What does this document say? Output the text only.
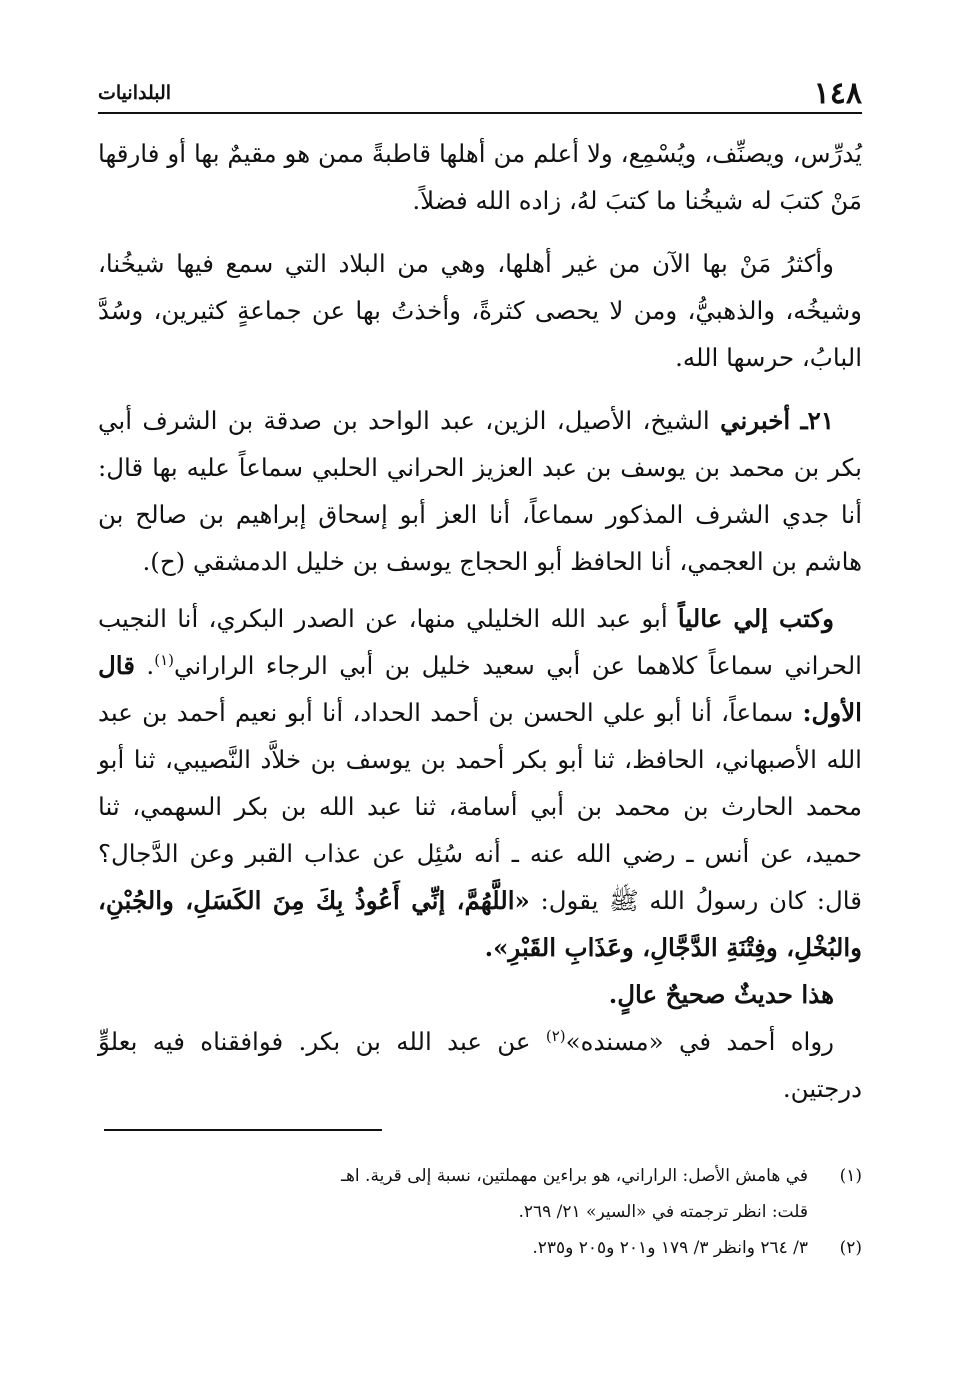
١٤٨
البلدانيات

يُدرِّس، ويصنِّف، ويُسْمِع، ولا أعلم من أهلها قاطبةً ممن هو مقيمٌ بها أو فارقها مَنْ كتبَ له شيخُنا ما كتبَ لهُ، زاده الله فضلاً.

وأكثرُ مَنْ بها الآن من غير أهلها، وهي من البلاد التي سمع فيها شيخُنا، وشيخُه، والذهبيُّ، ومن لا يحصى كثرةً، وأخذتُ بها عن جماعةٍ كثيرين، وسُدَّ البابُ، حرسها الله.

٢١ـ أخبرني الشيخ، الأصيل، الزين، عبد الواحد بن صدقة بن الشرف أبي بكر بن محمد بن يوسف بن عبد العزيز الحراني الحلبي سماعاً عليه بها قال: أنا جدي الشرف المذكور سماعاً، أنا العز أبو إسحاق إبراهيم بن صالح بن هاشم بن العجمي، أنا الحافظ أبو الحجاج يوسف بن خليل الدمشقي (ح).

وكتب إلي عالياً أبو عبد الله الخليلي منها، عن الصدر البكري، أنا النجيب الحراني سماعاً كلاهما عن أبي سعيد خليل بن أبي الرجاء الراراني$^{(١)}$. قال الأول: سماعاً، أنا أبو علي الحسن بن أحمد الحداد، أنا أبو نعيم أحمد بن عبد الله الأصبهاني، الحافظ، ثنا أبو بكر أحمد بن يوسف بن خلاَّد النَّصيبي، ثنا أبو محمد الحارث بن محمد بن أبي أسامة، ثنا عبد الله بن بكر السهمي، ثنا حميد، عن أنس ـ رضي الله عنه ـ أنه سُئِل عن عذاب القبر وعن الدَّجال؟ قال: كان رسولُ الله ﷺ يقول: «اللَّهُمَّ، إنِّي أَعُوذُ بِكَ مِنَ الكَسَلِ، والجُبْنِ، والبُخْلِ، وفِتْنَةِ الدَّجَّالِ، وعَذَابِ القَبْرِ».

هذا حديثٌ صحيحٌ عالٍ.

رواه أحمد في «مسنده»$^{(٢)}$ عن عبد الله بن بكر. فوافقناه فيه بعلوٍّ درجتين.

(١)
في هامش الأصل: الراراني، هو براءين مهملتين، نسبة إلى قرية. اهـ
قلت: انظر ترجمته في «السير» ٢١/ ٢٦٩.
(٢)
٣/ ٢٦٤ وانظر ٣/ ١٧٩ و٢٠١ و٢٠٥ و٢٣٥.
